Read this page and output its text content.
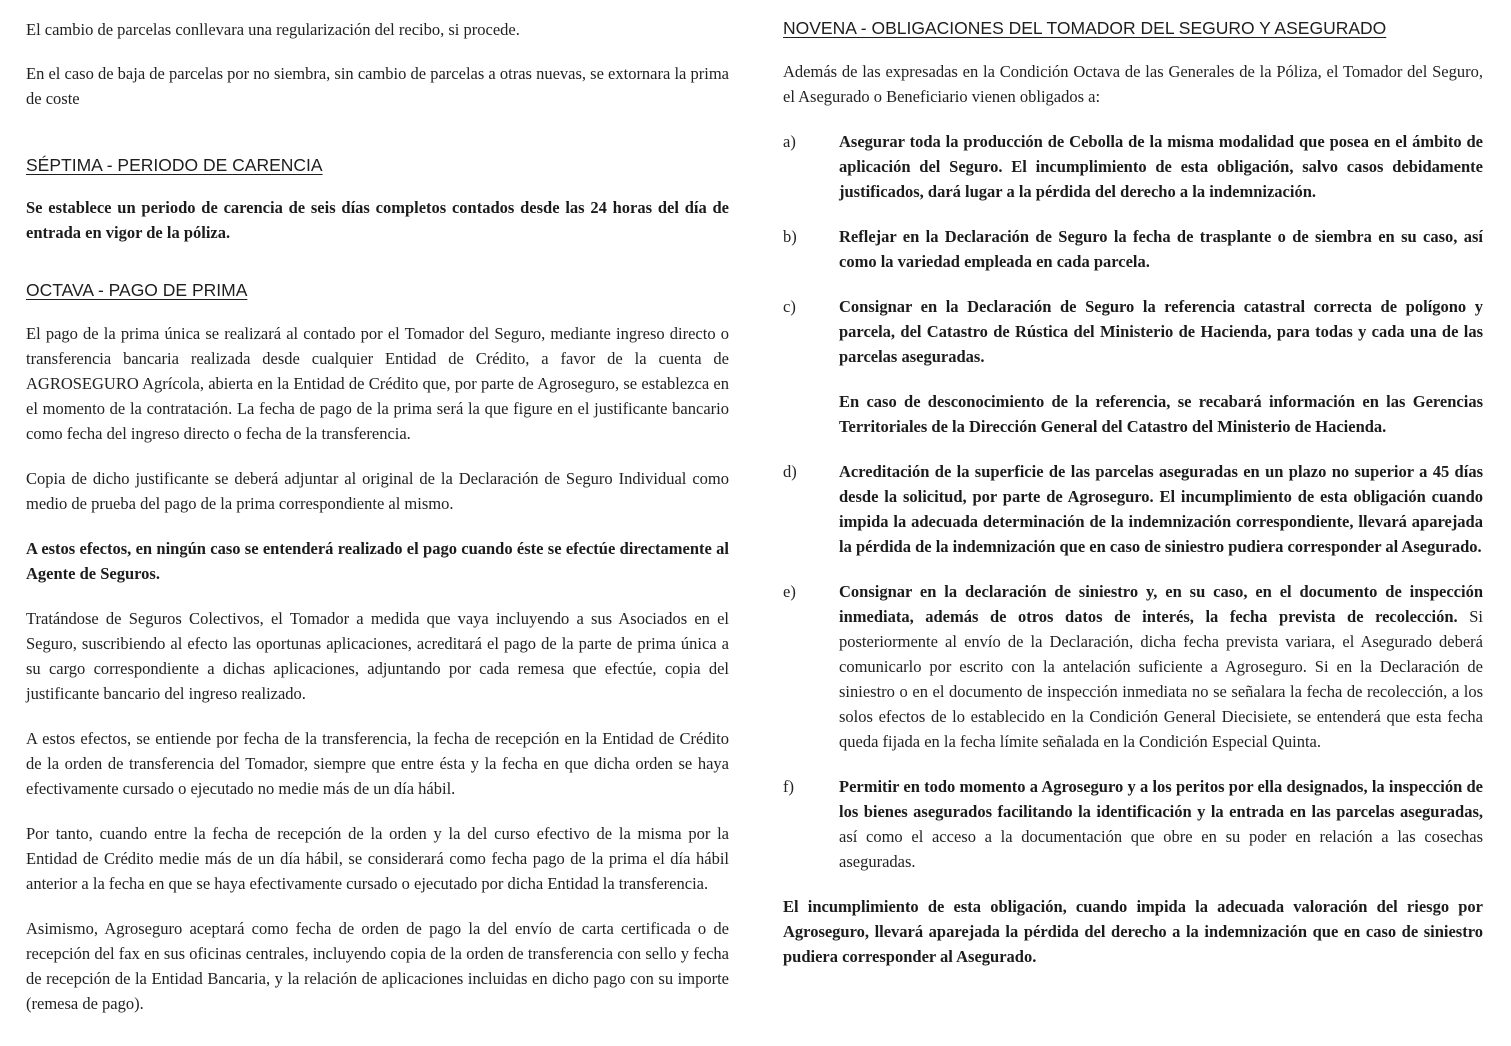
El cambio de parcelas conllevara una regularización del recibo, si procede.

En el caso de baja de parcelas por no siembra, sin cambio de parcelas a otras nuevas, se extornara la prima de coste

SÉPTIMA - PERIODO DE CARENCIA

Se establece un periodo de carencia de seis días completos contados desde las 24 horas del día de entrada en vigor de la póliza.

OCTAVA - PAGO DE PRIMA

El pago de la prima única se realizará al contado por el Tomador del Seguro, mediante ingreso directo o transferencia bancaria realizada desde cualquier Entidad de Crédito, a favor de la cuenta de AGROSEGURO Agrícola, abierta en la Entidad de Crédito que, por parte de Agroseguro, se establezca en el momento de la contratación. La fecha de pago de la prima será la que figure en el justificante bancario como fecha del ingreso directo o fecha de la transferencia.

Copia de dicho justificante se deberá adjuntar al original de la Declaración de Seguro Individual como medio de prueba del pago de la prima correspondiente al mismo.

A estos efectos, en ningún caso se entenderá realizado el pago cuando éste se efectúe directamente al Agente de Seguros.

Tratándose de Seguros Colectivos, el Tomador a medida que vaya incluyendo a sus Asociados en el Seguro, suscribiendo al efecto las oportunas aplicaciones, acreditará el pago de la parte de prima única a su cargo correspondiente a dichas aplicaciones, adjuntando por cada remesa que efectúe, copia del justificante bancario del ingreso realizado.

A estos efectos, se entiende por fecha de la transferencia, la fecha de recepción en la Entidad de Crédito de la orden de transferencia del Tomador, siempre que entre ésta y la fecha en que dicha orden se haya efectivamente cursado o ejecutado no medie más de un día hábil.

Por tanto, cuando entre la fecha de recepción de la orden y la del curso efectivo de la misma por la Entidad de Crédito medie más de un día hábil, se considerará como fecha pago de la prima el día hábil anterior a la fecha en que se haya efectivamente cursado o ejecutado por dicha Entidad la transferencia.

Asimismo, Agroseguro aceptará como fecha de orden de pago la del envío de carta certificada o de recepción del fax en sus oficinas centrales, incluyendo copia de la orden de transferencia con sello y fecha de recepción de la Entidad Bancaria, y la relación de aplicaciones incluidas en dicho pago con su importe (remesa de pago).

NOVENA - OBLIGACIONES DEL TOMADOR DEL SEGURO Y ASEGURADO

Además de las expresadas en la Condición Octava de las Generales de la Póliza, el Tomador del Seguro, el Asegurado o Beneficiario vienen obligados a:

a)	Asegurar toda la producción de Cebolla de la misma modalidad que posea en el ámbito de aplicación del Seguro. El incumplimiento de esta obligación, salvo casos debidamente justificados, dará lugar a la pérdida del derecho a la indemnización.
b)	Reflejar en la Declaración de Seguro la fecha de trasplante o de siembra en su caso, así como la variedad empleada en cada parcela.
c)	Consignar en la Declaración de Seguro la referencia catastral correcta de polígono y parcela, del Catastro de Rústica del Ministerio de Hacienda, para todas y cada una de las parcelas aseguradas.

En caso de desconocimiento de la referencia, se recabará información en las Gerencias Territoriales de la Dirección General del Catastro del Ministerio de Hacienda.

d)	Acreditación de la superficie de las parcelas aseguradas en un plazo no superior a 45 días desde la solicitud, por parte de Agroseguro. El incumplimiento de esta obligación cuando impida la adecuada determinación de la indemnización correspondiente, llevará aparejada la pérdida de la indemnización que en caso de siniestro pudiera corresponder al Asegurado.
e)	Consignar en la declaración de siniestro y, en su caso, en el documento de inspección inmediata, además de otros datos de interés, la fecha prevista de recolección. Si posteriormente al envío de la Declaración, dicha fecha prevista variara, el Asegurado deberá comunicarlo por escrito con la antelación suficiente a Agroseguro. Si en la Declaración de siniestro o en el documento de inspección inmediata no se señalara la fecha de recolección, a los solos efectos de lo establecido en la Condición General Diecisiete, se entenderá que esta fecha queda fijada en la fecha límite señalada en la Condición Especial Quinta.
f)	Permitir en todo momento a Agroseguro y a los peritos por ella designados, la inspección de los bienes asegurados facilitando la identificación y la entrada en las parcelas aseguradas, así como el acceso a la documentación que obre en su poder en relación a las cosechas aseguradas.

El incumplimiento de esta obligación, cuando impida la adecuada valoración del riesgo por Agroseguro, llevará aparejada la pérdida del derecho a la indemnización que en caso de siniestro pudiera corresponder al Asegurado.
